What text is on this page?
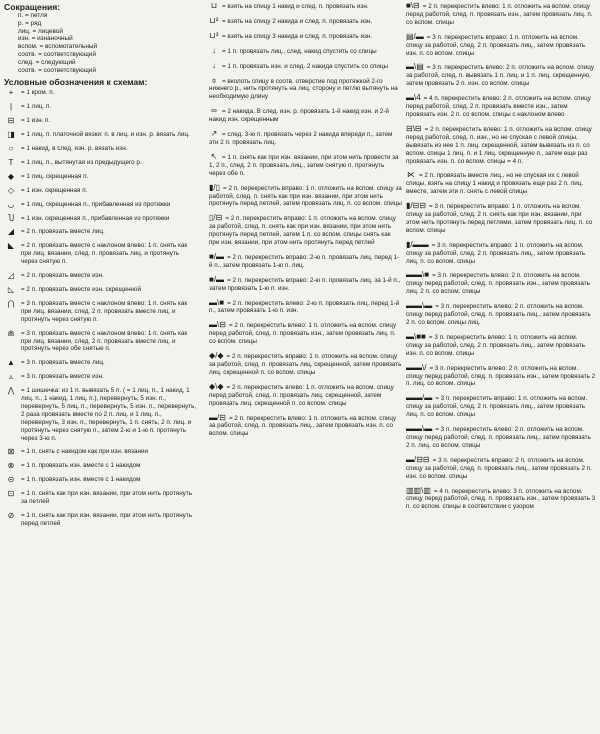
Сокращения:

п. = петля

р. = ряд

лиц. = лицевой

изн. = изнаночный

вспом. = вспомогательный

соотв. = соответствующий

след. = следующий

соотв. = соответствующий

Условные обозначения к схемам:

+	= 1 кром. п.
|	= 1 лиц. п.
⊟	= 1 изн. п.
◨ = 1 лиц. п. платочной вязки: п. в лиц. и изн. р. вязать лиц.
○	= 1 накид, в след. изн. р. вязать изн.
T	= 1 лиц. п., вытянутая из предыдущего р.
◆	= 1 лиц. скрещенная п.
◇	= 1 изн. скрещенная п.
◡	= 1 лиц. скрещенная п., прибавленная из протяжки
Ⴎ	= 1 изн. скрещенная п., прибавленная из протяжки
◢	= 2 п. провязать вместе лиц.
◣	= 2 п. провязать вместе с наклоном влево: 1 п. снять как при лиц. вязании, след. п. провязать лиц. и протянуть через снятую п.
◿	= 2 п. провязать вместе изн.
◺	= 2 п. провязать вместе изн. скрещенной
⋂	= 3 п. провязать вместе с наклоном влево: 1 п. снять как при лиц. вязании, след. 2 п. провязать вместе лиц. и протянуть через снятую п.
⋒	= 3 п. провязать вместе с наклоном влево: 1 п. снять как при лиц. вязании, след. 2 п. провязать вместе лиц. и протянуть через обе снятые п.
▲ = 3 п. провязать вместе лиц.
▵	= 3 п. провязать вместе изн.
⋀	= 1 шишечка: из 1 п. вывязать 5 п. ( = 1 лиц. п., 1 накид, 1 лиц. п., 1 накид, 1 лиц. п.), перевернуть, 5 изн. п., перевернуть, 5 лиц. п., перевернуть, 5 изн. п., перевернуть, 2 раза провязать вместе по 2 п. лиц. и 1 лиц. п., перевернуть, 3 изн. п., перевернуть, 1 п. снять, 2 п. лиц. и протянуть через снятую п., затем 2-ю и 1-ю п. протянуть через 3-ю п.
⊠	= 1 п. снять с накидом как при изн. вязании
⊗	= 1 п. провязать изн. вместе с 1 накидом
⊝	= 1 п. провязать изн. вместе с 1 накидом
⊡	= 1 п. снять как при изн. вязании, при этом нить протянуть за петлей
⊘	= 1 п. снять как при изн. вязании, при этом нить протянуть перед петлей
⊔ = взять на спицу 1 накид и след. п. провязать изн.
⊔² = взять на спицу 2 накида и след. п. провязать изн.
⊔³ = взять на спицу 3 накида и след. п. провязать изн.
↓ = 1 п. провязать лиц., след. накид спустить со спицы
↓ = 1 п. провязать изн. и след. 2 накида спустить со спицы
⌽ = вколоть спицу в соотв. отверстие под протяжкой 2-го нижнего р., нить протянуть на лиц. сторону и петлю вытянуть на необходимую длину
∞ = 2 накида. В след. изн. р. провязать 1-й накид изн. и 2-й накид изн. скрещенным
↗ = след. 3-ю п. провязать через 2 накида впереди п., затем эти 2 п. провязать лиц.
↖ = 1 п. снять как при изн. вязании, при этом нить провести за 1, 2 п., след. 2 п. провязать лиц., затем снятую п. протянуть через обе п.
▮/▯ = 2 п. перекрестить вправо: 1 п. отложить на вспом. спицу за работой, след. п. снять как при изн. вязании, при этом нить протянуть перед петлей, затем провязать лиц. п. со вспом. спицы
▯/⊟ = 2 п. перекрестить вправо: 1 п. отложить на вспом. спицу за работой, след. п. снять как при изн. вязании, при этом нить протянуть перед петлей, затем 1 п. со вспом. спицы снять как при изн. вязании, при этом нить протянуть перед петлей
■/▬ = 2 п. перекрестить вправо: 2-ю п. провязать лиц. перед 1-й п., затем провязать 1-ю п. лиц.
■/▬ = 2 п. перекрестить вправо: 2-ю п. провязать лиц. за 1-й п., затем провязать 1-ю п. изн.
▬\■ = 2 п. перекрестить влево: 2-ю п. провязать лиц. перед 1-й п., затем провязать 1-ю п. изн.
▬\⊟ = 2 п. перекрестить влево: 1 п. отложить на вспом. спицу перед работой, след. п. провязать изн., затем провязать лиц. п. со вспом. спицы
◆/◆ = 2 п. перекрестить вправо: 1 п. отложить на вспом. спицу за работой, след. п. провязать лиц. скрещенной, затем провязать лиц. скрещенной п. со вспом. спицы
◆\◆ = 2 п. перекрестить влево: 1 п. отложить на вспом. спицу перед работой, след. п. провязать лиц. скрещенной, затем провязать лиц. скрещенной п. со вспом. спицы
▬/⊟ = 2 п. перекрестить влево: 1 п. отложить на вспом. спицу за работой, след. п. провязать лиц., затем провязать изн. п. со вспом. спицы
■\⊟ = 2 п. перекрестить влево: 1 п. отложить на вспом. спицу перед работой, след. п. провязать изн., затем провязать лиц. п. со вспом. спицы
▤/▬ = 3 п. перекрестить вправо: 1 п. отложить на вспом. спицу за работой, след. 2 п. провязать лиц., затем провязать изн. п. со вспом. спицы
▬\▤ = 3 п. перекрестить влево: 2 п. отложить на вспом. спицу за работой, след. п. вывязать 1 п. лиц. и 1 п. лиц. скрещенную, затем провязать 2 п. изн. со вспом. спицы
▬\4 = 4 п. перекрестить влево: 2 п. отложить на вспом. спицу перед работой, след. 2 п. провязать вместе изн., затем провязать изн. 2 п. со вспом. спицы с наклоном влево
⊟\⊟ = 2 п. перекрестить влево: 1 п. отложить на вспом. спицу перед работой, след. п. изн., но не спуская с левой спицы, вывязать из нее 1 п. лиц. скрещенной, затем вывязать из п. со вспом. спицы 1 лиц. п. и 1 лиц. скрещенную п., затем еще раз провязать изн. п. со вспом. спицы = 4 п.
⋉ = 2 п. провязать вместе лиц., но не спуская их с левой спицы, взять на спицу 1 накид и провязать еще раз 2 п. лиц. вместе, затем эти п. снять с левой спицы
▮/⊟⊟ = 3 п. перекрестить вправо: 1 п. отложить на вспом. спицу за работой, след. 2 п. снять как при изн. вязании, при этом нить протянуть перед петлями, затем провязать лиц. п. со вспом. спицы
▮/▬▬ = 3 п. перекрестить вправо: 1 п. отложить на вспом. спицу за работой, след. 2 п. провязать лиц., затем провязать лиц. п. со вспом. спицы
▬▬\■ = 3 п. перекрестить влево: 2 п. отложить на вспом. спицу перед работой, след. п. провязать изн., затем провязать лиц. 2 п. со вспом. спицы
▬▬\▬ = 3 п. перекрестить влево: 2 п. отложить на вспом. спицу перед работой, след. п. провязать лиц., затем провязать 2 п. со вспом. спицы лиц.
▬\■■ = 3 п. перекрестить влево: 1 п. отложить на вспом. спицу за работой, след. 2 п. провязать лиц., затем провязать изн. п. со вспом. спицы
▬▬\/ = 3 п. перекрестить влево: 2 п. отложить на вспом. спицу перед работой, след. п. провязать изн., затем провязать 2 п. лиц. со вспом. спицы
▬▬/▬ = 3 п. перекрестить вправо: 1 п. отложить на вспом. спицу за работой, след. 2 п. провязать лиц., затем провязать лиц. п. со вспом. спицы
▬▬\▬ = 3 п. перекрестить влево: 2 п. отложить на вспом. спицу перед работой, след. п. провязать лиц., затем провязать 2 п. лиц. со вспом. спицы
▬/⊟⊟ = 3 п. перекрестить вправо: 2 п. отложить на вспом. спицу за работой, след. п. провязать лиц., затем провязать 2 п. изн. со вспом. спицы
▥▥\▥ = 4 п. перекрестить влево: 3 п. отложить на вспом. спицу перед работой, след. п. провязать изн., затем провязать 3 п. со вспом. спицы в соответствии с узором
